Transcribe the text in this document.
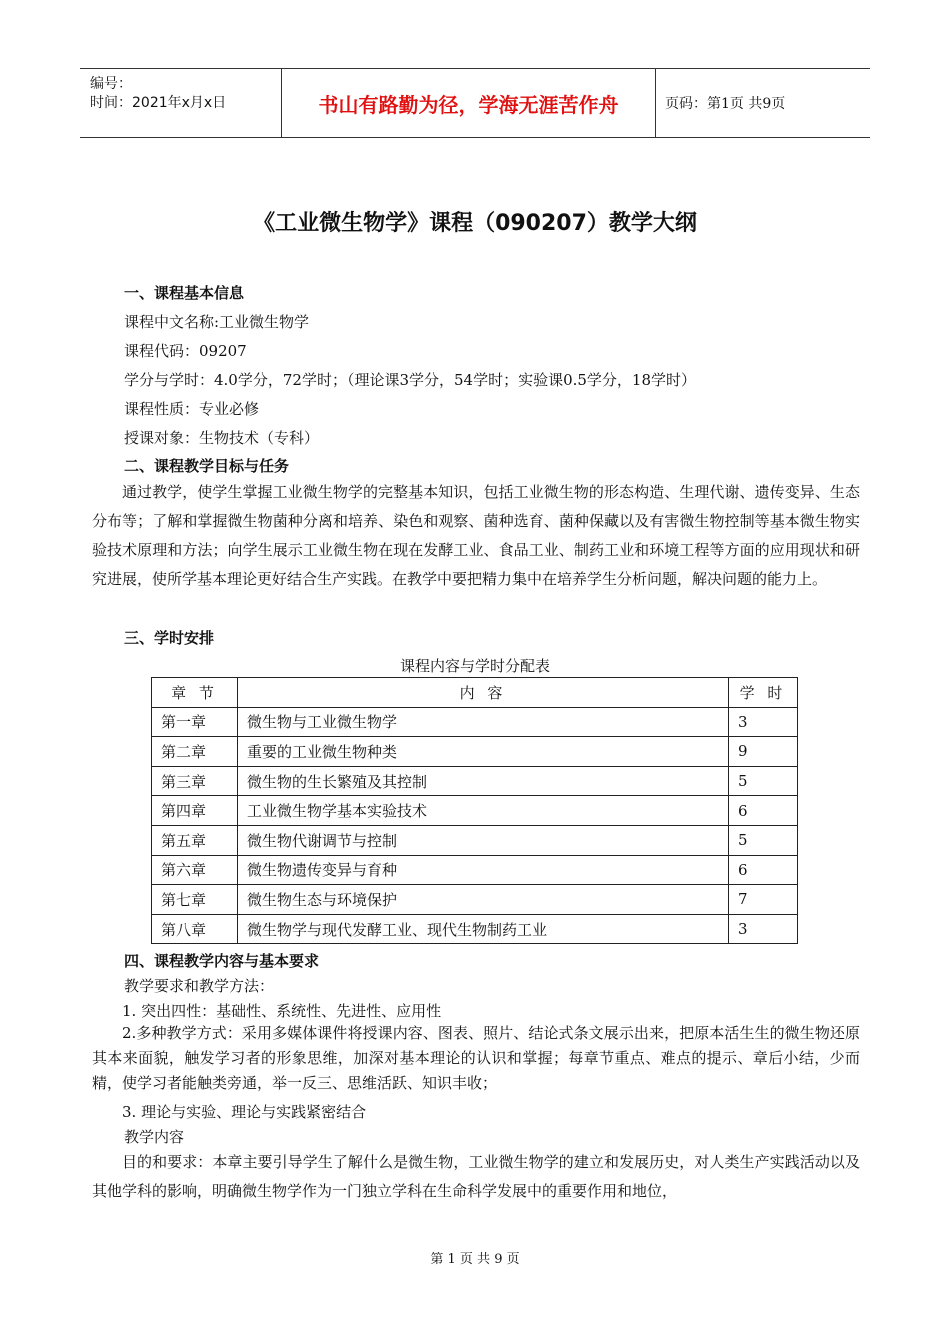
编号：
时间：2021年x月x日	书山有路勤为径，学海无涯苦作舟	页码：第1页 共9页
《工业微生物学》课程（090207）教学大纲
一、课程基本信息
课程中文名称:工业微生物学
课程代码：09207
学分与学时：4.0学分，72学时；（理论课3学分，54学时；实验课0.5学分，18学时）
课程性质：专业必修
授课对象：生物技术（专科）
二、课程教学目标与任务
通过教学，使学生掌握工业微生物学的完整基本知识，包括工业微生物的形态构造、生理代谢、遗传变异、生态分布等；了解和掌握微生物菌种分离和培养、染色和观察、菌种选育、菌种保藏以及有害微生物控制等基本微生物实验技术原理和方法；向学生展示工业微生物在现在发酵工业、食品工业、制药工业和环境工程等方面的应用现状和研究进展，使所学基本理论更好结合生产实践。在教学中要把精力集中在培养学生分析问题，解决问题的能力上。
三、学时安排
课程内容与学时分配表
章 节	内 容	学 时
第一章	微生物与工业微生物学	3
第二章	重要的工业微生物种类	9
第三章	微生物的生长繁殖及其控制	5
第四章	工业微生物学基本实验技术	6
第五章	微生物代谢调节与控制	5
第六章	微生物遗传变异与育种	6
第七章	微生物生态与环境保护	7
第八章	微生物学与现代发酵工业、现代生物制药工业	3
四、课程教学内容与基本要求
教学要求和教学方法：
1. 突出四性：基础性、系统性、先进性、应用性
2.多种教学方式：采用多媒体课件将授课内容、图表、照片、结论式条文展示出来，把原本活生生的微生物还原其本来面貌，触发学习者的形象思维，加深对基本理论的认识和掌握；每章节重点、难点的提示、章后小结，少而精，使学习者能触类旁通，举一反三、思维活跃、知识丰收；
3. 理论与实验、理论与实践紧密结合
教学内容
目的和要求：本章主要引导学生了解什么是微生物，工业微生物学的建立和发展历史，对人类生产实践活动以及其他学科的影响，明确微生物学作为一门独立学科在生命科学发展中的重要作用和地位，
第 1 页 共 9 页
